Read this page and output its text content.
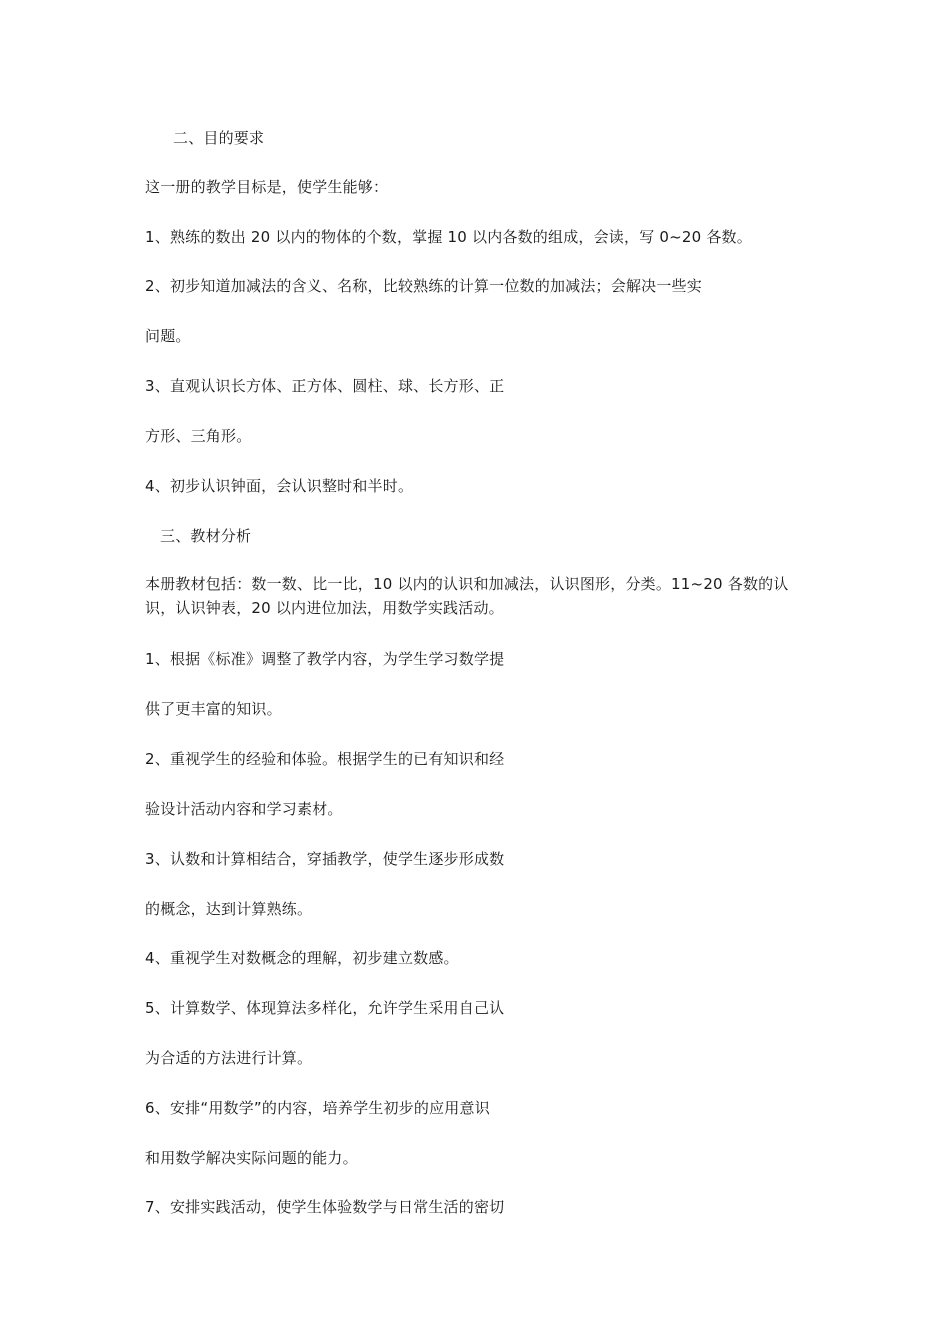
二、目的要求
这一册的教学目标是，使学生能够：
1、熟练的数出 20 以内的物体的个数，掌握 10 以内各数的组成，会读，写 0~20 各数。
2、初步知道加减法的含义、名称，比较熟练的计算一位数的加减法；会解决一些实
问题。
3、直观认识长方体、正方体、圆柱、球、长方形、正
方形、三角形。
4、初步认识钟面，会认识整时和半时。
三、教材分析
本册教材包括：数一数、比一比，10 以内的认识和加减法，认识图形，分类。11~20 各数的认识，认识钟表，20 以内进位加法，用数学实践活动。
1、根据《标准》调整了教学内容，为学生学习数学提
供了更丰富的知识。
2、重视学生的经验和体验。根据学生的已有知识和经
验设计活动内容和学习素材。
3、认数和计算相结合，穿插教学，使学生逐步形成数
的概念，达到计算熟练。
4、重视学生对数概念的理解，初步建立数感。
5、计算数学、体现算法多样化，允许学生采用自己认
为合适的方法进行计算。
6、安排“用数学”的内容，培养学生初步的应用意识
和用数学解决实际问题的能力。
7、安排实践活动，使学生体验数学与日常生活的密切
